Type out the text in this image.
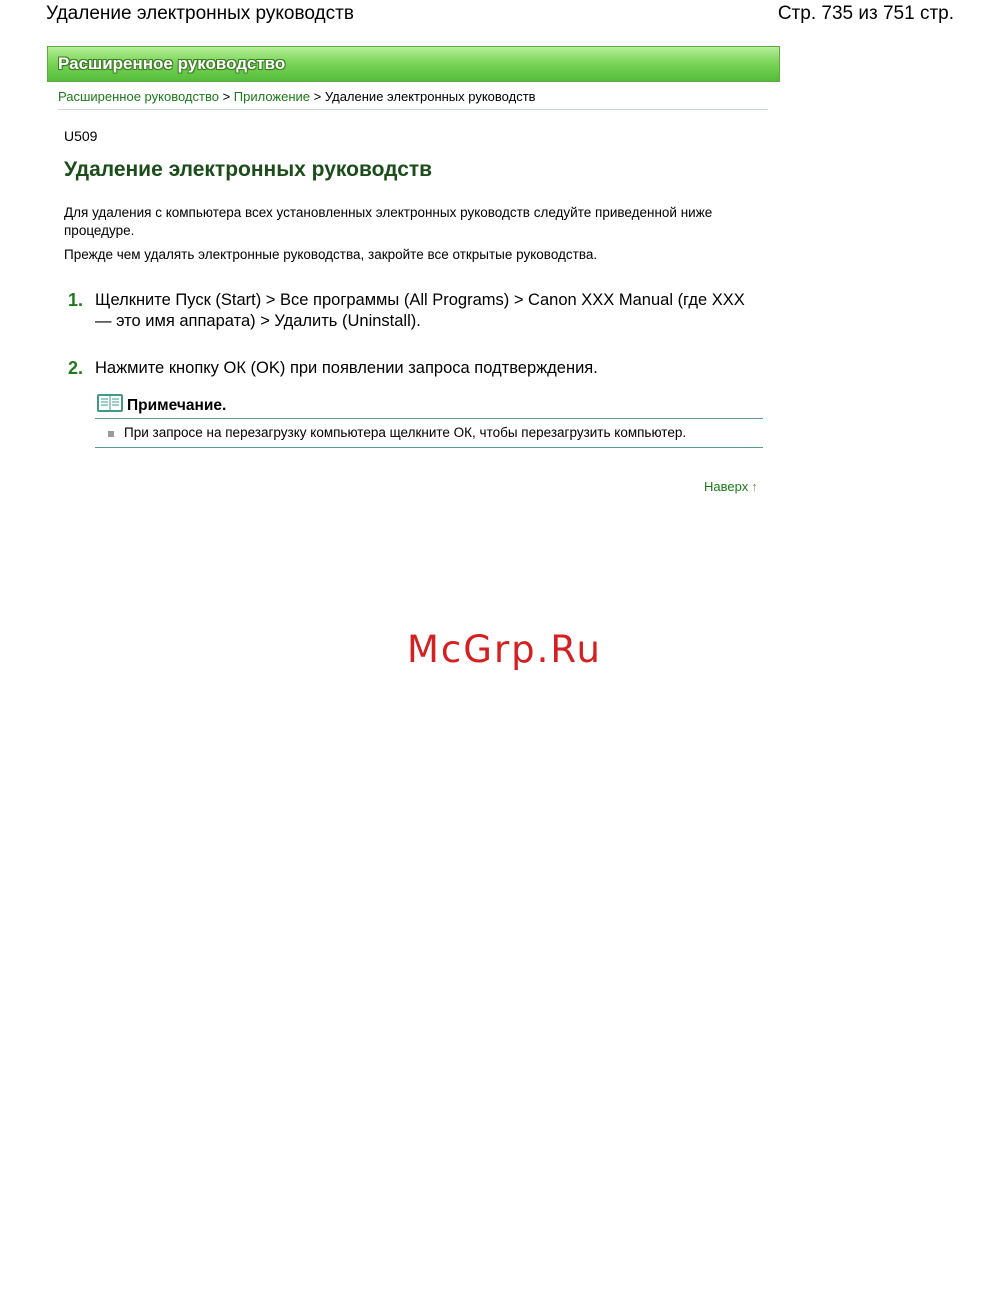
Удаление электронных руководств	Стр. 735 из 751 стр.
Расширенное руководство
Расширенное руководство > Приложение > Удаление электронных руководств
U509
Удаление электронных руководств

Для удаления с компьютера всех установленных электронных руководств следуйте приведенной ниже процедуре.

Прежде чем удалять электронные руководства, закройте все открытые руководства.

1. Щелкните Пуск (Start) > Все программы (All Programs) > Canon XXX Manual (где XXX — это имя аппарата) > Удалить (Uninstall).
2. Нажмите кнопку ОК (OK) при появлении запроса подтверждения.
Примечание.
При запросе на перезагрузку компьютера щелкните ОК, чтобы перезагрузить компьютер.
Наверх ↑
McGrp.Ru
